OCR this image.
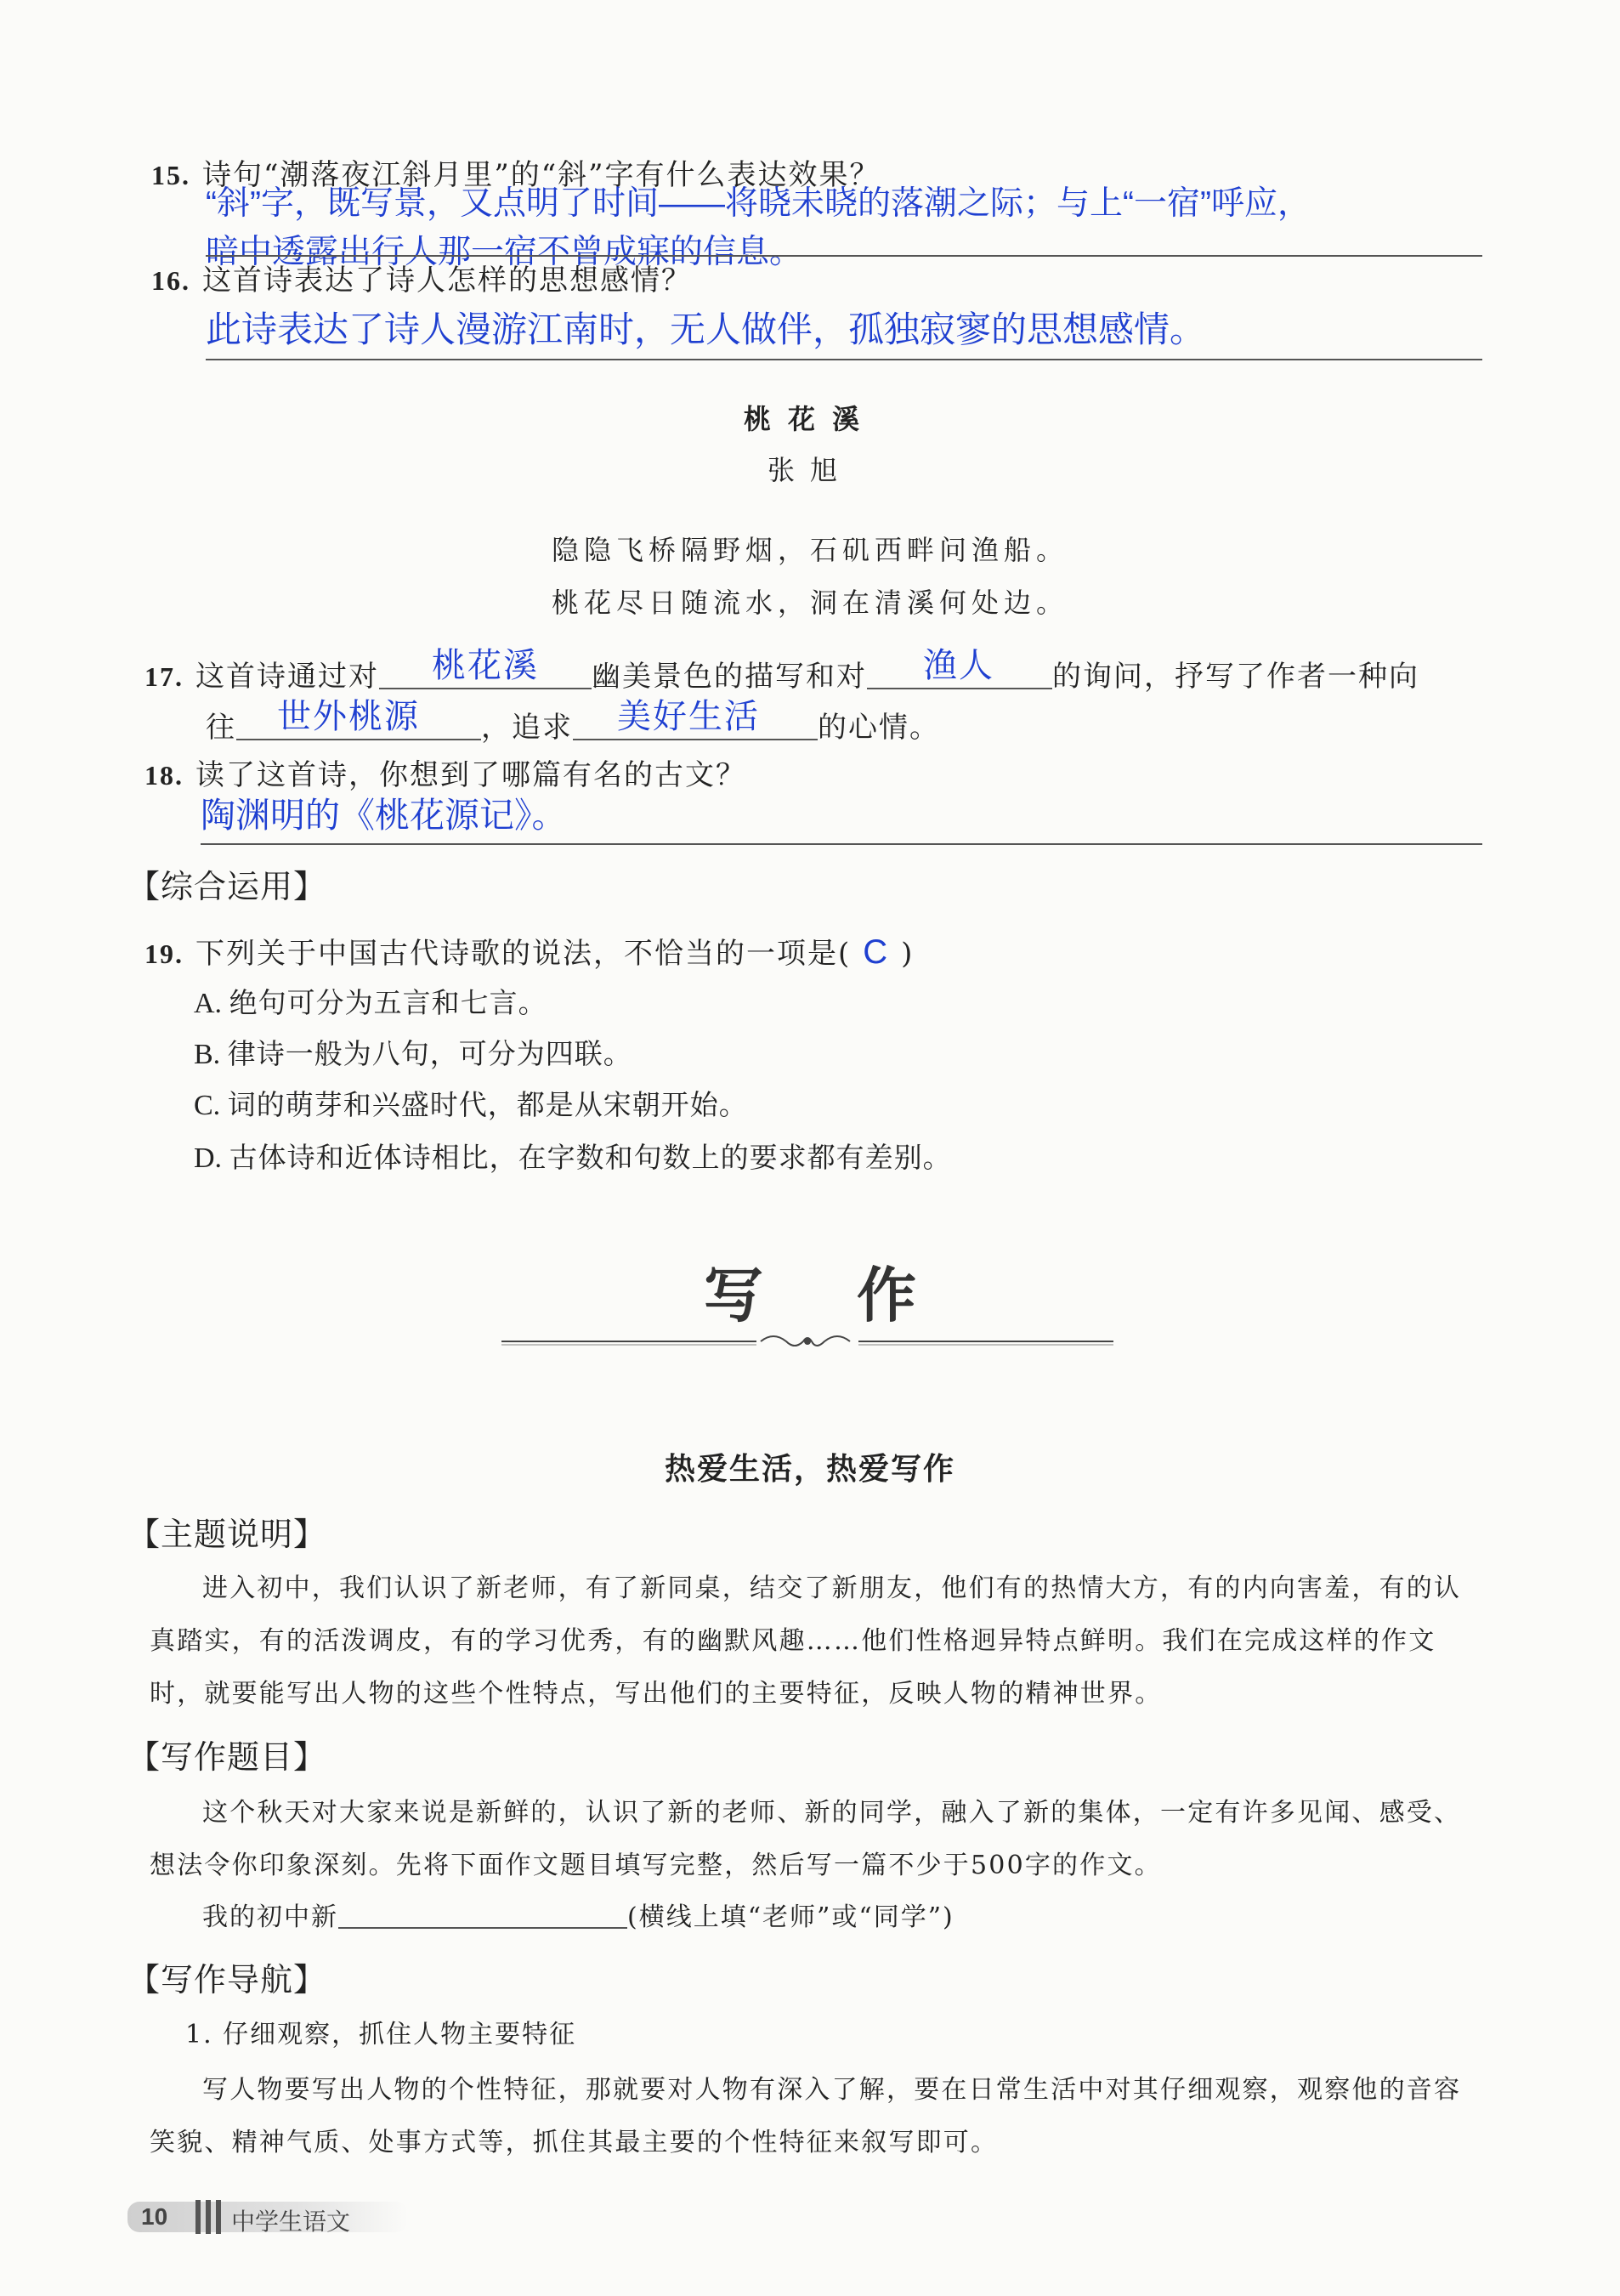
15. 诗句“潮落夜江斜月里”的“斜”字有什么表达效果？
“斜”字，既写景，又点明了时间——将晓未晓的落潮之际；与上“一宿”呼应，
暗中透露出行人那一宿不曾成寐的信息。
16. 这首诗表达了诗人怎样的思想感情？
此诗表达了诗人漫游江南时，无人做伴，孤独寂寥的思想感情。
桃花溪
张旭
隐隐飞桥隔野烟，石矶西畔问渔船。
桃花尽日随流水，洞在清溪何处边。
17. 这首诗通过对 桃花溪 幽美景色的描写和对 渔人 的询问，抒写了作者一种向
往 世外桃源 ，追求 美好生活 的心情。
18. 读了这首诗，你想到了哪篇有名的古文？
陶渊明的《桃花源记》。
【综合运用】
19. 下列关于中国古代诗歌的说法，不恰当的一项是( C )
A. 绝句可分为五言和七言。
B. 律诗一般为八句，可分为四联。
C. 词的萌芽和兴盛时代，都是从宋朝开始。
D. 古体诗和近体诗相比，在字数和句数上的要求都有差别。
写作
热爱生活，热爱写作
【主题说明】

进入初中，我们认识了新老师，有了新同桌，结交了新朋友，他们有的热情大方，有的内向害羞，有的认真踏实，有的活泼调皮，有的学习优秀，有的幽默风趣……他们性格迥异特点鲜明。我们在完成这样的作文时，就要能写出人物的这些个性特点，写出他们的主要特征，反映人物的精神世界。

【写作题目】

这个秋天对大家来说是新鲜的，认识了新的老师、新的同学，融入了新的集体，一定有许多见闻、感受、想法令你印象深刻。先将下面作文题目填写完整，然后写一篇不少于500字的作文。

我的初中新	(横线上填“老师”或“同学”)
【写作导航】
1. 仔细观察，抓住人物主要特征

写人物要写出人物的个性特征，那就要对人物有深入了解，要在日常生活中对其仔细观察，观察他的音容笑貌、精神气质、处事方式等，抓住其最主要的个性特征来叙写即可。

10	中学生语文
